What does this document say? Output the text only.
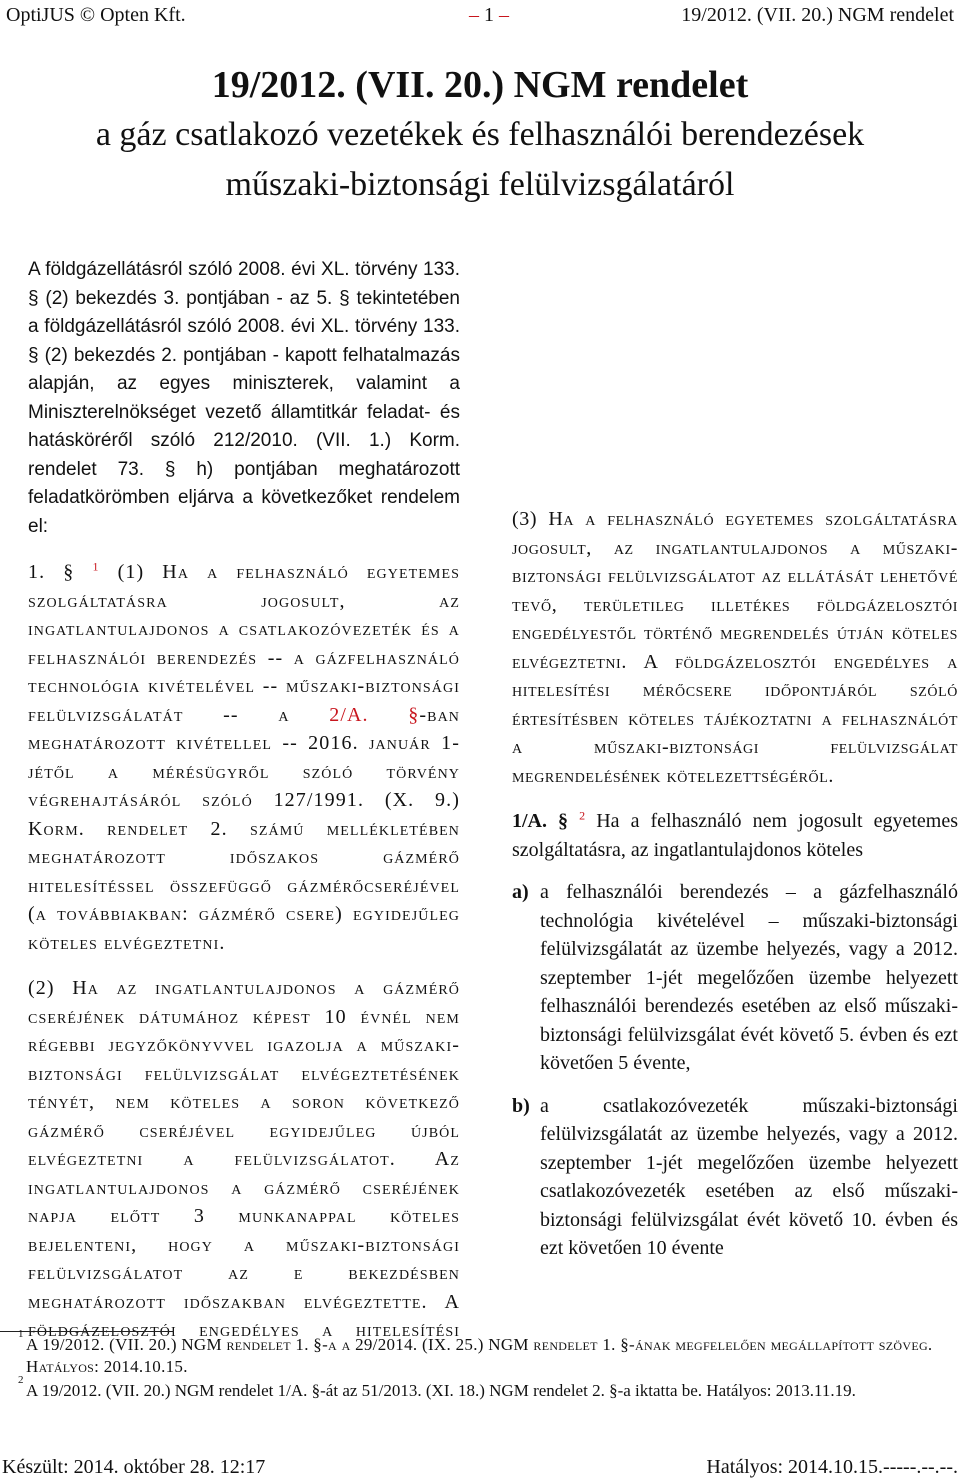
OptiJUS © Opten Kft.	– 1 –	19/2012. (VII. 20.) NGM rendelet
19/2012. (VII. 20.) NGM rendelet
a gáz csatlakozó vezetékek és felhasználói berendezések
műszaki-biztonsági felülvizsgálatáról

A földgázellátásról szóló 2008. évi XL. törvény 133. § (2) bekezdés 3. pontjában - az 5. § tekintetében a földgázellátásról szóló 2008. évi XL. törvény 133. § (2) bekezdés 2. pontjában - kapott felhatalmazás alapján, az egyes miniszterek, valamint a Miniszterelnökséget vezető államtitkár feladat- és hatásköréről szóló 212/2010. (VII. 1.) Korm. rendelet 73. § h) pontjában meghatározott feladatkörömben eljárva a következőket rendelem el:

1. § $^1$ (1) Ha a felhasználó egyetemes szolgáltatásra jogosult, az ingatlantulajdonos a csatlakozóvezeték és a felhasználói berendezés -- a gázfelhasználó technológia kivételével -- műszaki-biztonsági felülvizsgálatát -- a 2/A. §-ban meghatározott kivétellel -- 2016. január 1-jétől a mérésügyről szóló törvény végrehajtásáról szóló 127/1991. (X. 9.) Korm. rendelet 2. számú mellékletében meghatározott időszakos gázmérő hitelesítéssel összefüggő gázmérőcseréjével (a továbbiakban: gázmérő csere) egyidejűleg köteles elvégeztetni.

(2) Ha az ingatlantulajdonos a gázmérő cseréjének dátumához képest 10 évnél nem régebbi jegyzőkönyvvel igazolja a műszaki-biztonsági felülvizsgálat elvégeztetésének tényét, nem köteles a soron következő gázmérő cseréjével egyidejűleg újból elvégeztetni a felülvizsgálatot. Az ingatlantulajdonos a gázmérő cseréjének napja előtt 3 munkanappal köteles bejelenteni, hogy a műszaki-biztonsági felülvizsgálatot az e bekezdésben meghatározott időszakban elvégeztette. A földgázelosztói engedélyes a hitelesítési

(3) Ha a felhasználó egyetemes szolgáltatásra jogosult, az ingatlantulajdonos a műszaki-biztonsági felülvizsgálatot az ellátását lehetővé tevő, területileg illetékes földgázelosztói engedélyestől történő megrendelés útján köteles elvégeztetni. A földgázelosztói engedélyes a hitelesítési mérőcsere időpontjáról szóló értesítésben köteles tájékoztatni a felhasználót a műszaki-biztonsági felülvizsgálat megrendelésének kötelezettségéről.

1/A. § $^2$ Ha a felhasználó nem jogosult egyetemes szolgáltatásra, az ingatlantulajdonos köteles

a) a felhasználói berendezés – a gázfelhasználó technológia kivételével – műszaki-biztonsági felülvizsgálatát az üzembe helyezés, vagy a 2012. szeptember 1-jét megelőzően üzembe helyezett felhasználói berendezés esetében az első műszaki-biztonsági felülvizsgálat évét követő 5. évben és ezt követően 5 évente,
b) a csatlakozóvezeték műszaki-biztonsági felülvizsgálatát az üzembe helyezés, vagy a 2012. szeptember 1-jét megelőzően üzembe helyezett csatlakozóvezeték esetében az első műszaki-biztonsági felülvizsgálat évét követő 10. évben és ezt követően 10 évente
1
A 19/2012. (VII. 20.) NGM rendelet 1. §-a a 29/2014. (IX. 25.) NGM rendelet 1. §-ának megfelelően megállapított szöveg. Hatályos: 2014.10.15.
2
A 19/2012. (VII. 20.) NGM rendelet 1/A. §-át az 51/2013. (XI. 18.) NGM rendelet 2. §-a iktatta be. Hatályos: 2013.11.19.
Készült: 2014. október 28. 12:17	Hatályos: 2014.10.15.-----.--.--.
